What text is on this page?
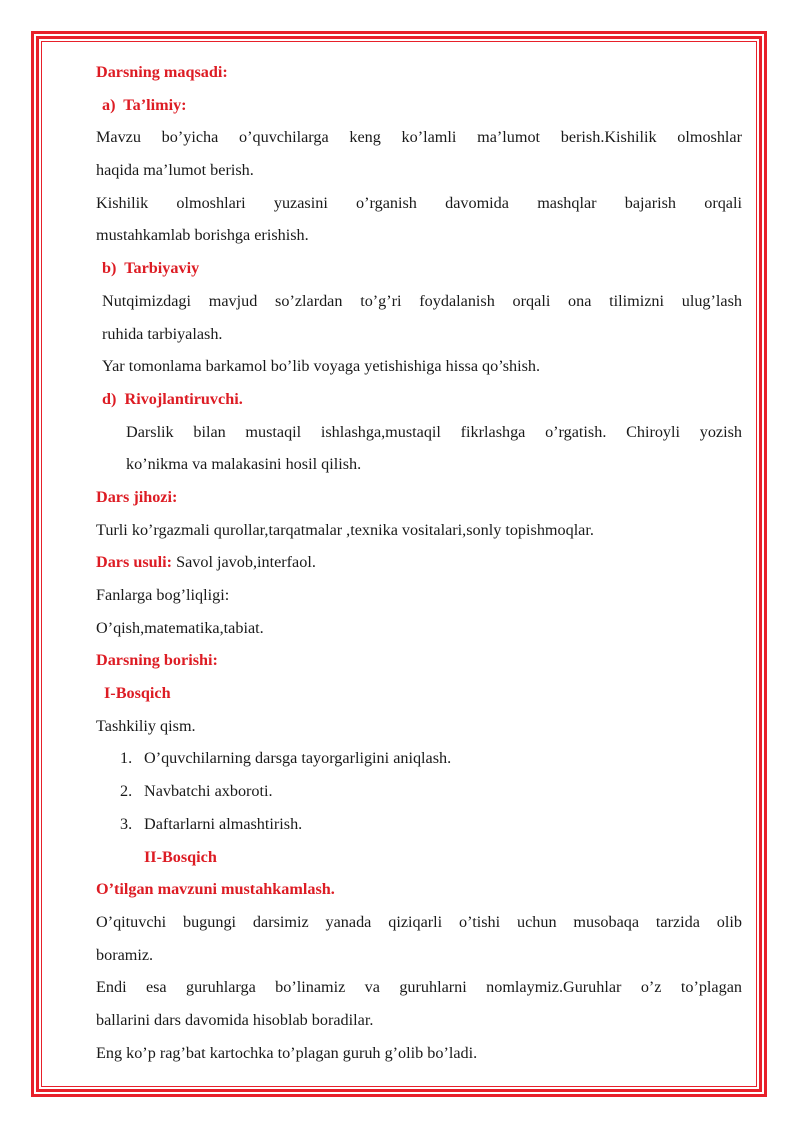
Darsning maqsadi:
a) Ta’limiy:
Mavzu bo’yicha o’quvchilarga keng ko’lamli ma’lumot berish.Kishilik olmoshlar
haqida ma’lumot berish.
Kishilik olmoshlari yuzasini o’rganish davomida mashqlar bajarish orqali
mustahkamlab borishga erishish.
b) Tarbiyaviy
Nutqimizdagi mavjud so’zlardan to’g’ri foydalanish orqali ona tilimizni ulug’lash
ruhida tarbiyalash.
Yar tomonlama barkamol bo’lib voyaga yetishishiga hissa qo’shish.
d) Rivojlantiruvchi.
Darslik bilan mustaqil ishlashga,mustaqil fikrlashga o’rgatish. Chiroyli yozish
ko’nikma va malakasini hosil qilish.
Dars jihozi:
Turli ko’rgazmali qurollar,tarqatmalar ,texnika vositalari,sonly topishmoqlar.
Dars usuli: Savol javob,interfaol.
Fanlarga bog’liqligi:
O’qish,matematika,tabiat.
Darsning borishi:
I-Bosqich
Tashkiliy qism.
1. O’quvchilarning darsga tayorgarligini aniqlash.
2. Navbatchi axboroti.
3. Daftarlarni almashtirish.
II-Bosqich
O’tilgan mavzuni mustahkamlash.
O’qituvchi bugungi darsimiz yanada qiziqarli o’tishi uchun musobaqa tarzida olib
boramiz.
Endi esa guruhlarga bo’linamiz va guruhlarni nomlaymiz.Guruhlar o’z to’plagan
ballarini dars davomida hisoblab boradilar.
Eng ko’p rag’bat kartochka to’plagan guruh g’olib bo’ladi.
